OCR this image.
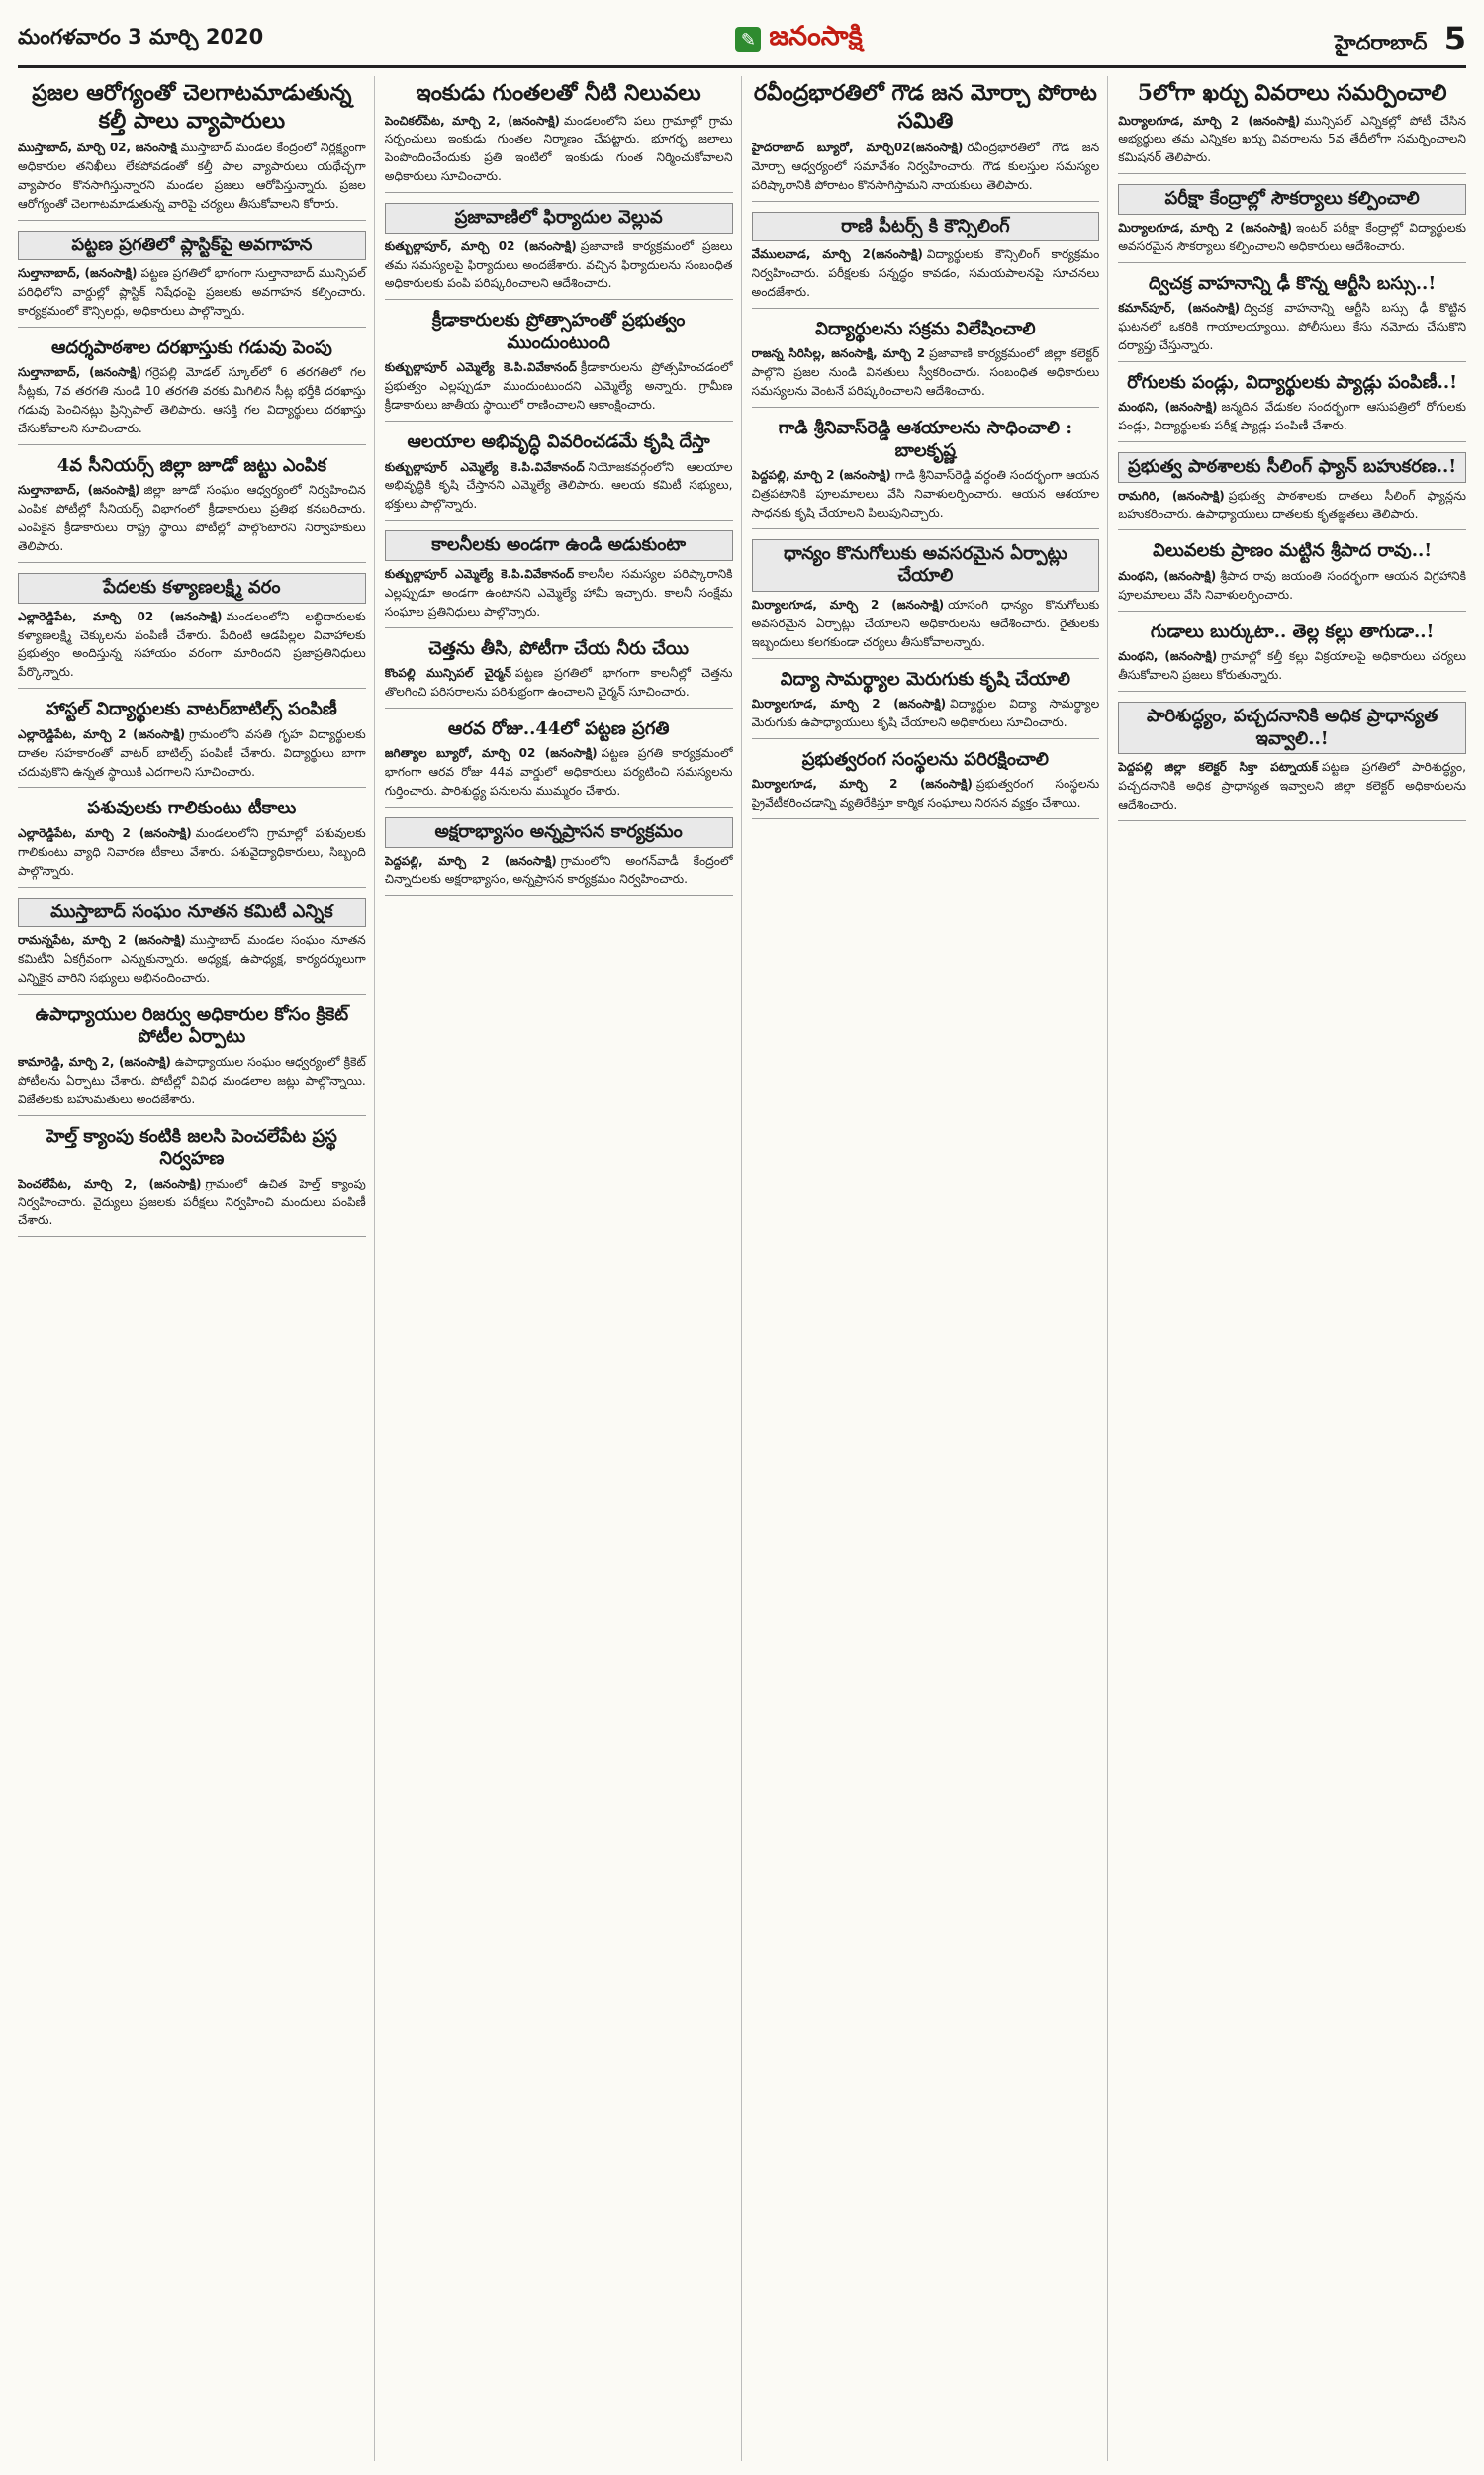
మంగళవారం 3 మార్చి 2020	✎ జనంసాక్షి	హైదరాబాద్ 5
ప్రజల ఆరోగ్యంతో చెలగాటమాడుతున్న కల్తీ పాలు వ్యాపారులు

ముస్తాబాద్, మార్చి 02, జనంసాక్షి ముస్తాబాద్ మండల కేంద్రంలో నిర్లక్ష్యంగా అధికారుల తనిఖీలు లేకపోవడంతో కల్తీ పాల వ్యాపారులు యథేచ్ఛగా వ్యాపారం కొనసాగిస్తున్నారని మండల ప్రజలు ఆరోపిస్తున్నారు. ప్రజల ఆరోగ్యంతో చెలగాటమాడుతున్న వారిపై చర్యలు తీసుకోవాలని కోరారు.

పట్టణ ప్రగతిలో ప్లాస్టిక్‌పై అవగాహన

సుల్తానాబాద్, (జనంసాక్షి) పట్టణ ప్రగతిలో భాగంగా సుల్తానాబాద్ మున్సిపల్ పరిధిలోని వార్డుల్లో ప్లాస్టిక్ నిషేధంపై ప్రజలకు అవగాహన కల్పించారు. కార్యక్రమంలో కౌన్సిలర్లు, అధికారులు పాల్గొన్నారు.

ఆదర్శపాఠశాల దరఖాస్తుకు గడువు పెంపు

సుల్తానాబాద్, (జనంసాక్షి) గర్రెపల్లి మోడల్ స్కూల్‌లో 6 తరగతిలో గల సీట్లకు, 7వ తరగతి నుండి 10 తరగతి వరకు మిగిలిన సీట్ల భర్తీకి దరఖాస్తు గడువు పెంచినట్లు ప్రిన్సిపాల్ తెలిపారు. ఆసక్తి గల విద్యార్థులు దరఖాస్తు చేసుకోవాలని సూచించారు.

4వ సీనియర్స్ జిల్లా జూడో జట్టు ఎంపిక

సుల్తానాబాద్, (జనంసాక్షి) జిల్లా జూడో సంఘం ఆధ్వర్యంలో నిర్వహించిన ఎంపిక పోటీల్లో సీనియర్స్ విభాగంలో క్రీడాకారులు ప్రతిభ కనబరిచారు. ఎంపికైన క్రీడాకారులు రాష్ట్ర స్థాయి పోటీల్లో పాల్గొంటారని నిర్వాహకులు తెలిపారు.

పేదలకు కళ్యాణలక్ష్మి వరం

ఎల్లారెడ్డిపేట, మార్చి 02 (జనంసాక్షి) మండలంలోని లబ్ధిదారులకు కళ్యాణలక్ష్మి చెక్కులను పంపిణీ చేశారు. పేదింటి ఆడపిల్లల వివాహాలకు ప్రభుత్వం అందిస్తున్న సహాయం వరంగా మారిందని ప్రజాప్రతినిధులు పేర్కొన్నారు.

హాస్టల్ విద్యార్థులకు వాటర్‌బాటిల్స్ పంపిణీ

ఎల్లారెడ్డిపేట, మార్చి 2 (జనంసాక్షి) గ్రామంలోని వసతి గృహ విద్యార్థులకు దాతల సహకారంతో వాటర్ బాటిల్స్ పంపిణీ చేశారు. విద్యార్థులు బాగా చదువుకొని ఉన్నత స్థాయికి ఎదగాలని సూచించారు.

పశువులకు గాలికుంటు టీకాలు

ఎల్లారెడ్డిపేట, మార్చి 2 (జనంసాక్షి) మండలంలోని గ్రామాల్లో పశువులకు గాలికుంటు వ్యాధి నివారణ టీకాలు వేశారు. పశువైద్యాధికారులు, సిబ్బంది పాల్గొన్నారు.

ముస్తాబాద్ సంఘం నూతన కమిటీ ఎన్నిక

రామన్నపేట, మార్చి 2 (జనంసాక్షి) ముస్తాబాద్ మండల సంఘం నూతన కమిటీని ఏకగ్రీవంగా ఎన్నుకున్నారు. అధ్యక్ష, ఉపాధ్యక్ష, కార్యదర్శులుగా ఎన్నికైన వారిని సభ్యులు అభినందించారు.

ఉపాధ్యాయుల రిజర్వు అధికారుల కోసం క్రికెట్ పోటీల ఏర్పాటు

కామారెడ్డి, మార్చి 2, (జనంసాక్షి) ఉపాధ్యాయుల సంఘం ఆధ్వర్యంలో క్రికెట్ పోటీలను ఏర్పాటు చేశారు. పోటీల్లో వివిధ మండలాల జట్లు పాల్గొన్నాయి. విజేతలకు బహుమతులు అందజేశారు.

హెల్త్ క్యాంపు కంటికి జలసి పెంచలేపేట ప్రస్థ నిర్వహణ

పెంచలేపేట, మార్చి 2, (జనంసాక్షి) గ్రామంలో ఉచిత హెల్త్ క్యాంపు నిర్వహించారు. వైద్యులు ప్రజలకు పరీక్షలు నిర్వహించి మందులు పంపిణీ చేశారు.

ఇంకుడు గుంతలతో నీటి నిలువలు

పెంచికల్‌పేట, మార్చి 2, (జనంసాక్షి) మండలంలోని పలు గ్రామాల్లో గ్రామ సర్పంచులు ఇంకుడు గుంతల నిర్మాణం చేపట్టారు. భూగర్భ జలాలు పెంపొందించేందుకు ప్రతి ఇంటిలో ఇంకుడు గుంత నిర్మించుకోవాలని అధికారులు సూచించారు.

ప్రజావాణిలో ఫిర్యాదుల వెల్లువ

కుత్బుల్లాపూర్, మార్చి 02 (జనంసాక్షి) ప్రజావాణి కార్యక్రమంలో ప్రజలు తమ సమస్యలపై ఫిర్యాదులు అందజేశారు. వచ్చిన ఫిర్యాదులను సంబంధిత అధికారులకు పంపి పరిష్కరించాలని ఆదేశించారు.

క్రీడాకారులకు ప్రోత్సాహంతో ప్రభుత్వం ముందుంటుంది

కుత్బుల్లాపూర్ ఎమ్మెల్యే కె.పి.వివేకానంద్ క్రీడాకారులను ప్రోత్సహించడంలో ప్రభుత్వం ఎల్లప్పుడూ ముందుంటుందని ఎమ్మెల్యే అన్నారు. గ్రామీణ క్రీడాకారులు జాతీయ స్థాయిలో రాణించాలని ఆకాంక్షించారు.

ఆలయాల అభివృద్ధి వివరించడమే కృషి దేస్తా

కుత్బుల్లాపూర్ ఎమ్మెల్యే కె.పి.వివేకానంద్ నియోజకవర్గంలోని ఆలయాల అభివృద్ధికి కృషి చేస్తానని ఎమ్మెల్యే తెలిపారు. ఆలయ కమిటీ సభ్యులు, భక్తులు పాల్గొన్నారు.

కాలనీలకు అండగా ఉండి అడుకుంటా

కుత్బుల్లాపూర్ ఎమ్మెల్యే కె.పి.వివేకానంద్ కాలనీల సమస్యల పరిష్కారానికి ఎల్లప్పుడూ అండగా ఉంటానని ఎమ్మెల్యే హామీ ఇచ్చారు. కాలనీ సంక్షేమ సంఘాల ప్రతినిధులు పాల్గొన్నారు.

చెత్తను తీసి, పోటీగా చేయ నీరు చేయి

కొంపల్లి మున్సిపల్ చైర్మన్ పట్టణ ప్రగతిలో భాగంగా కాలనీల్లో చెత్తను తొలగించి పరిసరాలను పరిశుభ్రంగా ఉంచాలని చైర్మన్ సూచించారు.

ఆరవ రోజు..44లో పట్టణ ప్రగతి

జగిత్యాల బ్యూరో, మార్చి 02 (జనంసాక్షి) పట్టణ ప్రగతి కార్యక్రమంలో భాగంగా ఆరవ రోజు 44వ వార్డులో అధికారులు పర్యటించి సమస్యలను గుర్తించారు. పారిశుద్ధ్య పనులను ముమ్మరం చేశారు.

అక్షరాభ్యాసం అన్నప్రాసన కార్యక్రమం

పెద్దపల్లి, మార్చి 2 (జనంసాక్షి) గ్రామంలోని అంగన్‌వాడీ కేంద్రంలో చిన్నారులకు అక్షరాభ్యాసం, అన్నప్రాసన కార్యక్రమం నిర్వహించారు.

రవీంద్రభారతిలో గౌడ జన మోర్చా పోరాట సమితి

హైదరాబాద్ బ్యూరో, మార్చి02(జనంసాక్షి) రవీంద్రభారతిలో గౌడ జన మోర్చా ఆధ్వర్యంలో సమావేశం నిర్వహించారు. గౌడ కులస్తుల సమస్యల పరిష్కారానికి పోరాటం కొనసాగిస్తామని నాయకులు తెలిపారు.

రాణి పీటర్స్ కి కౌన్సిలింగ్

వేములవాడ, మార్చి 2(జనంసాక్షి) విద్యార్థులకు కౌన్సిలింగ్ కార్యక్రమం నిర్వహించారు. పరీక్షలకు సన్నద్ధం కావడం, సమయపాలనపై సూచనలు అందజేశారు.

విద్యార్థులను సక్రమ విలేషించాలి

రాజన్న సిరిసిల్ల, జనంసాక్షి, మార్చి 2 ప్రజావాణి కార్యక్రమంలో జిల్లా కలెక్టర్ పాల్గొని ప్రజల నుండి వినతులు స్వీకరించారు. సంబంధిత అధికారులు సమస్యలను వెంటనే పరిష్కరించాలని ఆదేశించారు.

గాడి శ్రీనివాస్‌రెడ్డి ఆశయాలను సాధించాలి : బాలకృష్ణ

పెద్దపల్లి, మార్చి 2 (జనంసాక్షి) గాడి శ్రీనివాస్‌రెడ్డి వర్ధంతి సందర్భంగా ఆయన చిత్రపటానికి పూలమాలలు వేసి నివాళులర్పించారు. ఆయన ఆశయాల సాధనకు కృషి చేయాలని పిలుపునిచ్చారు.

ధాన్యం కొనుగోలుకు అవసరమైన ఏర్పాట్లు చేయాలి

మిర్యాలగూడ, మార్చి 2 (జనంసాక్షి) యాసంగి ధాన్యం కొనుగోలుకు అవసరమైన ఏర్పాట్లు చేయాలని అధికారులను ఆదేశించారు. రైతులకు ఇబ్బందులు కలగకుండా చర్యలు తీసుకోవాలన్నారు.

విద్యా సామర్థ్యాల మెరుగుకు కృషి చేయాలి

మిర్యాలగూడ, మార్చి 2 (జనంసాక్షి) విద్యార్థుల విద్యా సామర్థ్యాల మెరుగుకు ఉపాధ్యాయులు కృషి చేయాలని అధికారులు సూచించారు.

ప్రభుత్వరంగ సంస్థలను పరిరక్షించాలి

మిర్యాలగూడ, మార్చి 2 (జనంసాక్షి) ప్రభుత్వరంగ సంస్థలను ప్రైవేటీకరించడాన్ని వ్యతిరేకిస్తూ కార్మిక సంఘాలు నిరసన వ్యక్తం చేశాయి.

5లోగా ఖర్చు వివరాలు సమర్పించాలి

మిర్యాలగూడ, మార్చి 2 (జనంసాక్షి) మున్సిపల్ ఎన్నికల్లో పోటీ చేసిన అభ్యర్థులు తమ ఎన్నికల ఖర్చు వివరాలను 5వ తేదీలోగా సమర్పించాలని కమిషనర్ తెలిపారు.

పరీక్షా కేంద్రాల్లో సౌకర్యాలు కల్పించాలి

మిర్యాలగూడ, మార్చి 2 (జనంసాక్షి) ఇంటర్ పరీక్షా కేంద్రాల్లో విద్యార్థులకు అవసరమైన సౌకర్యాలు కల్పించాలని అధికారులు ఆదేశించారు.

ద్విచక్ర వాహనాన్ని ఢీ కొన్న ఆర్టీసి బస్సు..!

కమాన్‌పూర్, (జనంసాక్షి) ద్విచక్ర వాహనాన్ని ఆర్టీసి బస్సు ఢీ కొట్టిన ఘటనలో ఒకరికి గాయాలయ్యాయి. పోలీసులు కేసు నమోదు చేసుకొని దర్యాప్తు చేస్తున్నారు.

రోగులకు పండ్లు, విద్యార్థులకు ప్యాడ్లు పంపిణీ..!

మంథని, (జనంసాక్షి) జన్మదిన వేడుకల సందర్భంగా ఆసుపత్రిలో రోగులకు పండ్లు, విద్యార్థులకు పరీక్ష ప్యాడ్లు పంపిణీ చేశారు.

ప్రభుత్వ పాఠశాలకు సీలింగ్ ఫ్యాన్ బహుకరణ..!

రామగిరి, (జనంసాక్షి) ప్రభుత్వ పాఠశాలకు దాతలు సీలింగ్ ఫ్యాన్లను బహుకరించారు. ఉపాధ్యాయులు దాతలకు కృతజ్ఞతలు తెలిపారు.

విలువలకు ప్రాణం మట్టిన శ్రీపాద రావు..!

మంథని, (జనంసాక్షి) శ్రీపాద రావు జయంతి సందర్భంగా ఆయన విగ్రహానికి పూలమాలలు వేసి నివాళులర్పించారు.

గుడాలు బుర్కుటా.. తెల్ల కల్లు తాగుడా..!

మంథని, (జనంసాక్షి) గ్రామాల్లో కల్తీ కల్లు విక్రయాలపై అధికారులు చర్యలు తీసుకోవాలని ప్రజలు కోరుతున్నారు.

పారిశుద్ధ్యం, పచ్చదనానికి అధిక ప్రాధాన్యత ఇవ్వాలి..!

పెద్దపల్లి జిల్లా కలెక్టర్ సిక్తా పట్నాయక్ పట్టణ ప్రగతిలో పారిశుద్ధ్యం, పచ్చదనానికి అధిక ప్రాధాన్యత ఇవ్వాలని జిల్లా కలెక్టర్ అధికారులను ఆదేశించారు.
